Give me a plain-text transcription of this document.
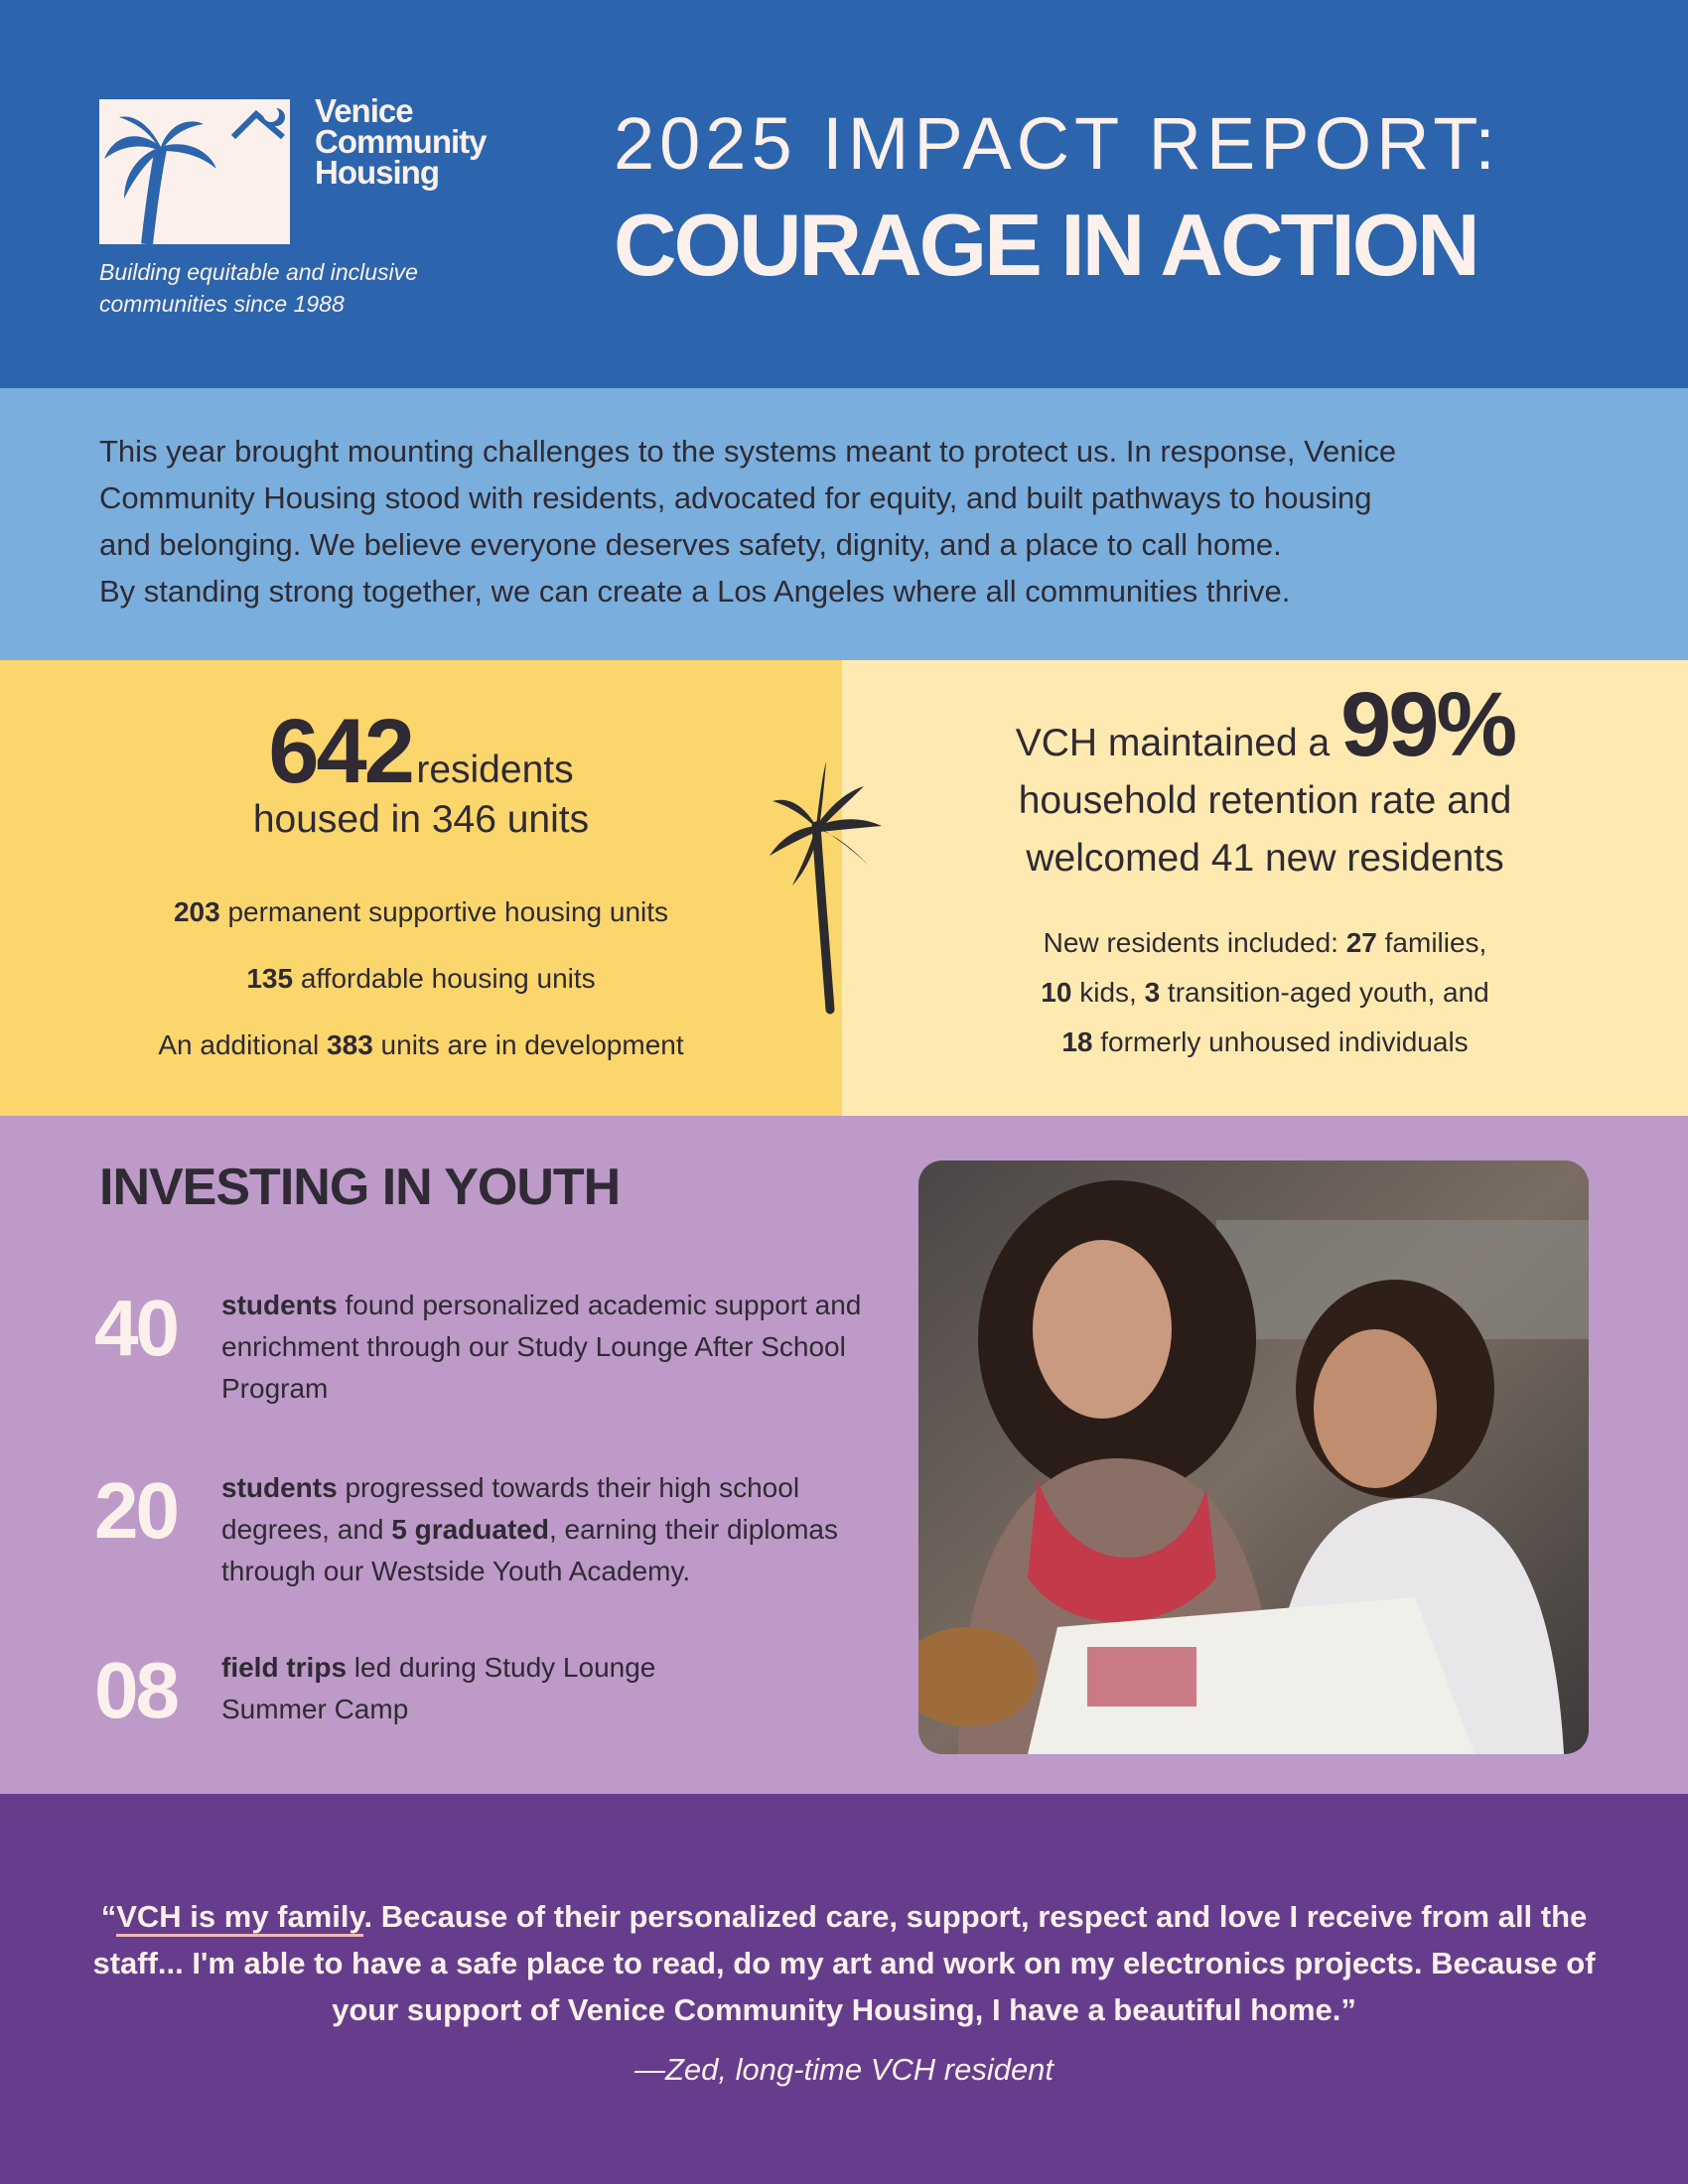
Venice
Community
Housing
Building equitable and inclusive
communities since 1988
2025 IMPACT REPORT:
COURAGE IN ACTION
This year brought mounting challenges to the systems meant to protect us. In response, Venice
Community Housing stood with residents, advocated for equity, and built pathways to housing
and belonging. We believe everyone deserves safety, dignity, and a place to call home.
By standing strong together, we can create a Los Angeles where all communities thrive.
642 residents
housed in 346 units
203 permanent supportive housing units
135 affordable housing units
An additional 383 units are in development
VCH maintained a 99%
household retention rate and
welcomed 41 new residents
New residents included: 27 families,
10 kids, 3 transition-aged youth, and
18 formerly unhoused individuals
INVESTING IN YOUTH
40 students found personalized academic support and enrichment through our Study Lounge After School Program
20 students progressed towards their high school degrees, and 5 graduated, earning their diplomas through our Westside Youth Academy.
08 field trips led during Study Lounge Summer Camp
“VCH is my family. Because of their personalized care, support, respect and love I receive from all the staff... I'm able to have a safe place to read, do my art and work on my electronics projects. Because of your support of Venice Community Housing, I have a beautiful home.”
—Zed, long-time VCH resident
